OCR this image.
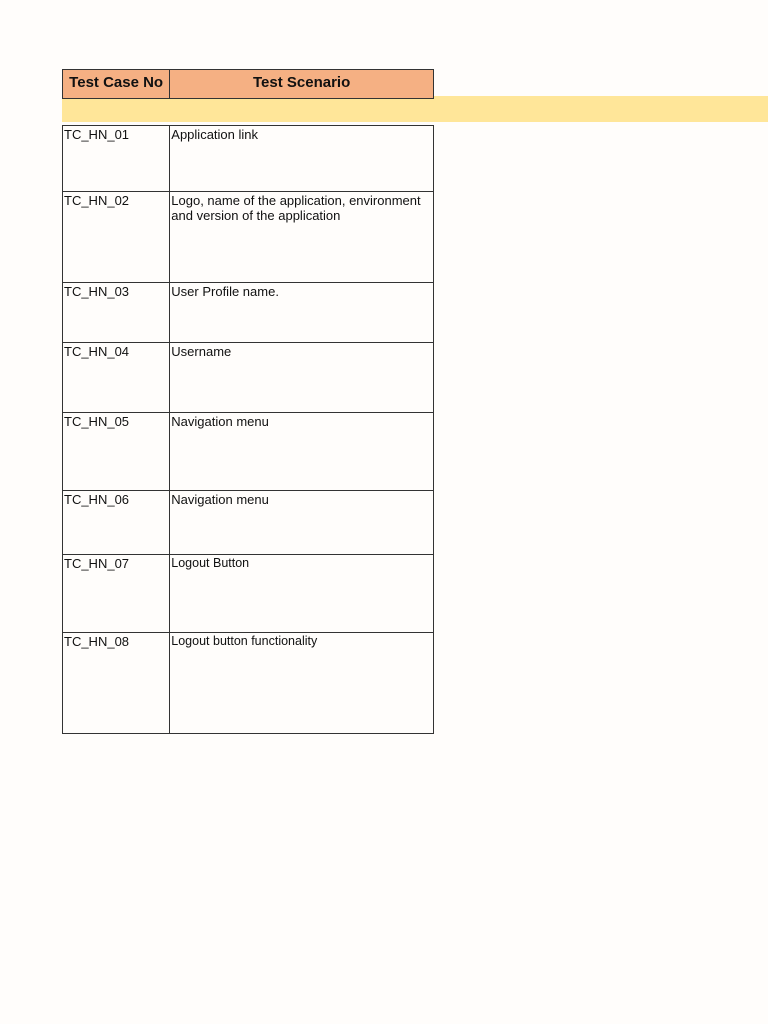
Test Case No	Test Scenario

TC_HN_01	Application link

TC_HN_02	Logo, name of the application, environment and version of the application

TC_HN_03	User Profile name.

TC_HN_04	Username

TC_HN_05	Navigation menu

TC_HN_06	Navigation menu

TC_HN_07	Logout Button

TC_HN_08	Logout button functionality
